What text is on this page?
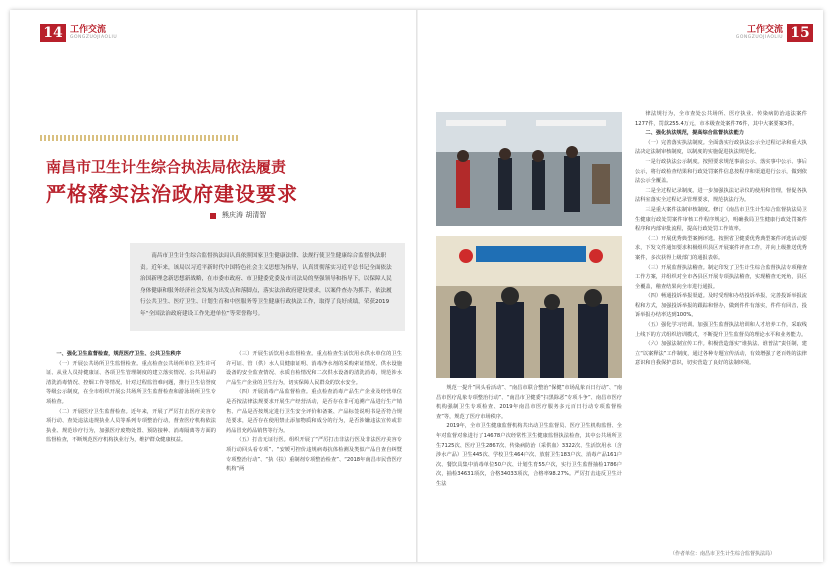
14 工作交流
GONGZUOJIAOLIU
工作交流
GONGZUOJIAOLIU 15
南昌市卫生计生综合执法局依法履责
严格落实法治政府建设要求
熊庆涛 胡清智
南昌市卫生计生综合监督执法局认真依照国家卫生健康法律、法规行使卫生健康综合监督执法职责。近年来，该局以习近平新时代中国特色社会主义思想为指导，认真贯彻落实习近平总书记全面依法治国新理念新思想新战略，在市委市政府、市卫健委党委及市司法局的坚强领导和指导下，以保障人民身体健康和服务经济社会发展为出发点和落脚点，落实法治政府建设要求，以案件查办为抓手，依法履行公共卫生、医疗卫生、计划生育和中医服务等卫生健康行政执法工作，取得了良好成绩，荣获2019年“全国法治政府建设工作先进单位”等荣誉称号。

一、强化卫生监督检查，规范医疗卫生、公共卫生秩序

（一）开展公共场所卫生监督检查。重点检查公共场所单位卫生许可证、从业人员持健康证、各项卫生管理制度的建立落实情况、公共用品的清洗消毒情况、控烟工作等情况。针对过程监管难问题，推行卫生信誉度等级公示制度，在全市组织开展公共场所卫生监督检查和游泳场所卫生专项检查。

（二）开展医疗卫生监督检查。近年来，开展了严厉打击医疗美容专项行动、查处违法违规执业人员等系列专项整治行动，督查医疗机构依法执业、规范诊疗行为，加强医疗废物处置、预防接种、消毒隔离等方面的监督检查，不断规范医疗机构执业行为，维护群众健康权益。

（三）开展生活饮用水监督检查。重点检查生活饮用水供水单位的卫生许可证、管（供）水人员健康证明、消毒净水剂的采购索证情况、供水设施设备的安全监查情况、水质自检情况和二次供水设备的清洗消毒，规范涉水产品生产企业的卫生行为，切实保障人民群众的饮水安全。

（四）开展消毒产品监督检查。重点检查消毒产品生产企业及经营单位是否按法律法规要求开展生产经营活动，是否存在非可追溯产品进行生产销售、产品是否按规定进行卫生安全评价和备案、产品标签说明书是否符合规范要求，是否存在使用禁止添加物质和成分的行为，是否涉嫌违法宣传或非药品冒充药品销售等行为。

（五）打击无证行医。组织开展了“严厉打击非法行医及非法医疗美容专项行动回头看专项”、“安媛可控价违规病毒抗体检测及类似产品自查自纠暨专项整治行动”、“执（扶）重制剂专项整治检查”、“2018年南昌市民营医疗机构“两

规范一提升”回头看活动”、“南昌市联合整治“保健”市场乱象百日行动”、“南昌市医疗乱象专项整治行动”、“南昌市卫健委“扫黑除恶”专项斗争”、南昌市医疗机构强制卫生专项检查、2019年南昌市医疗服务多元百日行动专项监督检查”等，规范了医疗市场秩序。

2019年，全市卫生健康监督机构共出动卫生监督员、医疗卫生机构监督、全年对监督对象进行了14678户次经常性卫生健康监督执法检查，其中公共场所卫生7125次、医疗卫生2867次、传染病防治（采供血）3322次、生活饮用水（含涉水产品）卫生445次、学校卫生464户次、放射卫生183户次、消毒产品161户次、餐饮具集中消毒单位50户次、计划生育55户次，实行卫生监督抽检1786户次，抽检34631项次，合格34033项次，合格率98.27%。严厉打击违反卫生计生法

律法规行为，全市查处公共场所、医疗执业、传染病防治违法案件1277件，罚款255.4万元，市本级查处案件76件，其中大案要案3件。

二、强化执法规范，提高综合监督执法能力

（一）完善落实执法制度。全面落实行政执法公示全过程记录和重大执法决定法制审核制度，以制度的实施促进执法规范化。

一是行政执法公示制度。按照要求规范事前公示、落实事中公示、事后公示，将行政检查结果和行政处罚案件信息按程序和渠道进行公示，做到依法公示全覆盖。

二是全过程记录制度。进一步加强执法记录仪的使用和管理，督促各执法科室落实全过程记录管理要求，规范执法行为。

三是重大案件法制审核制度。修订《南昌市卫生计生综合监督执法局卫生健康行政处罚案件审核工作程序规定》，明确我局卫生健康行政处罚案件程序和内部审批流程，提高行政处罚工作效率。

（二）开展优秀典型案例评选。按照省卫健委优秀典型案件评选活动要求，下发文件通知要求积极组织县区开展案件评查工作，并向上级推送优秀案件，多次获得上级部门的通报表彰。

（三）开展监督执法稽查。制定印发了卫生计生综合监督执法专项稽查工作方案，并组织对全市各县区开展专项执法稽查，实现稽查无死角，县区全覆盖，稽查结果向全市进行通报。

（四）畅通投诉举报渠道。及时受理和办结投诉举报，完善投诉举报流程和方式，加强投诉举报的跟踪和督办，做到件件有落实，件件有回音，投诉举报办结率达到100%。

（五）强化学习培训。加强卫生监督执法培训和人才培养工作，采取线上线下的方式组织培训模式，不断提升卫生监督员的理论水平和业务能力。

（六）加强法制宣传工作。积极营造落实“谁执法、谁普法”责任制，建立“以案释法”工作制度，通过各种专题宣传活动，有效增强了老百姓的法律意识和自我保护意识，切实营造了良好的法制环境。

（作者单位：南昌市卫生计生综合监督执法局）
